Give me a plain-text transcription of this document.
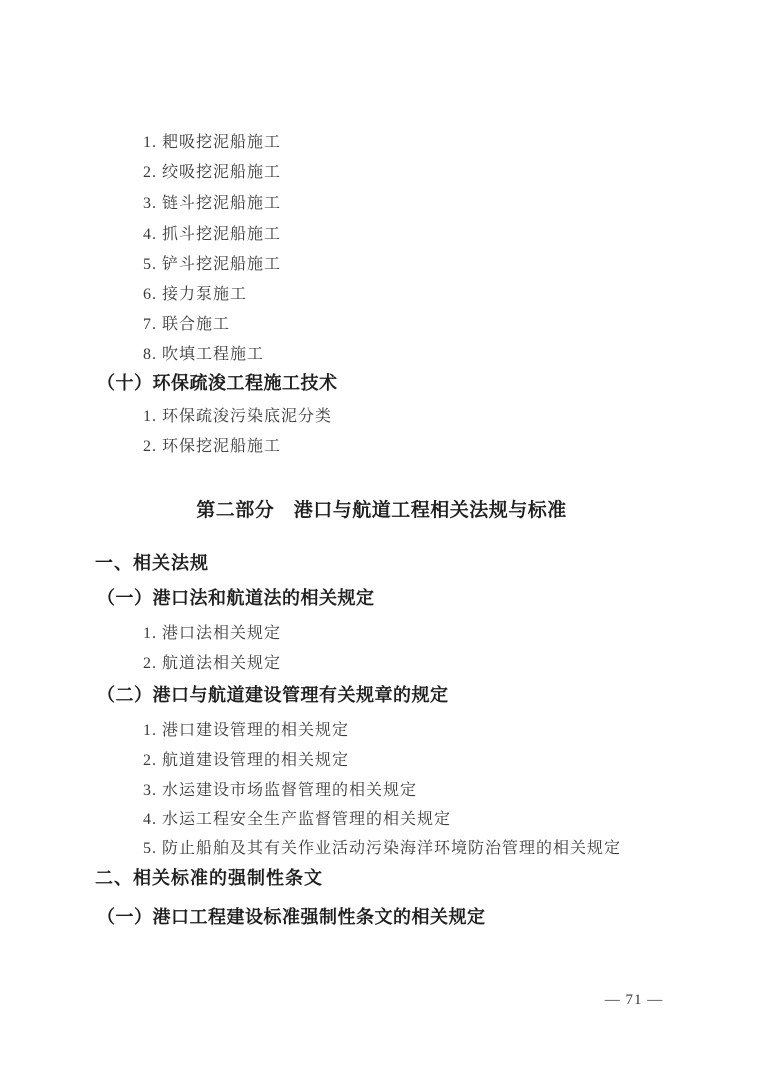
1. 耙吸挖泥船施工
2. 绞吸挖泥船施工
3. 链斗挖泥船施工
4. 抓斗挖泥船施工
5. 铲斗挖泥船施工
6. 接力泵施工
7. 联合施工
8. 吹填工程施工
（十）环保疏浚工程施工技术
1. 环保疏浚污染底泥分类
2. 环保挖泥船施工
第二部分　港口与航道工程相关法规与标准
一、相关法规
（一）港口法和航道法的相关规定
1. 港口法相关规定
2. 航道法相关规定
（二）港口与航道建设管理有关规章的规定
1. 港口建设管理的相关规定
2. 航道建设管理的相关规定
3. 水运建设市场监督管理的相关规定
4. 水运工程安全生产监督管理的相关规定
5. 防止船舶及其有关作业活动污染海洋环境防治管理的相关规定
二、相关标准的强制性条文
（一）港口工程建设标准强制性条文的相关规定
— 71 —
